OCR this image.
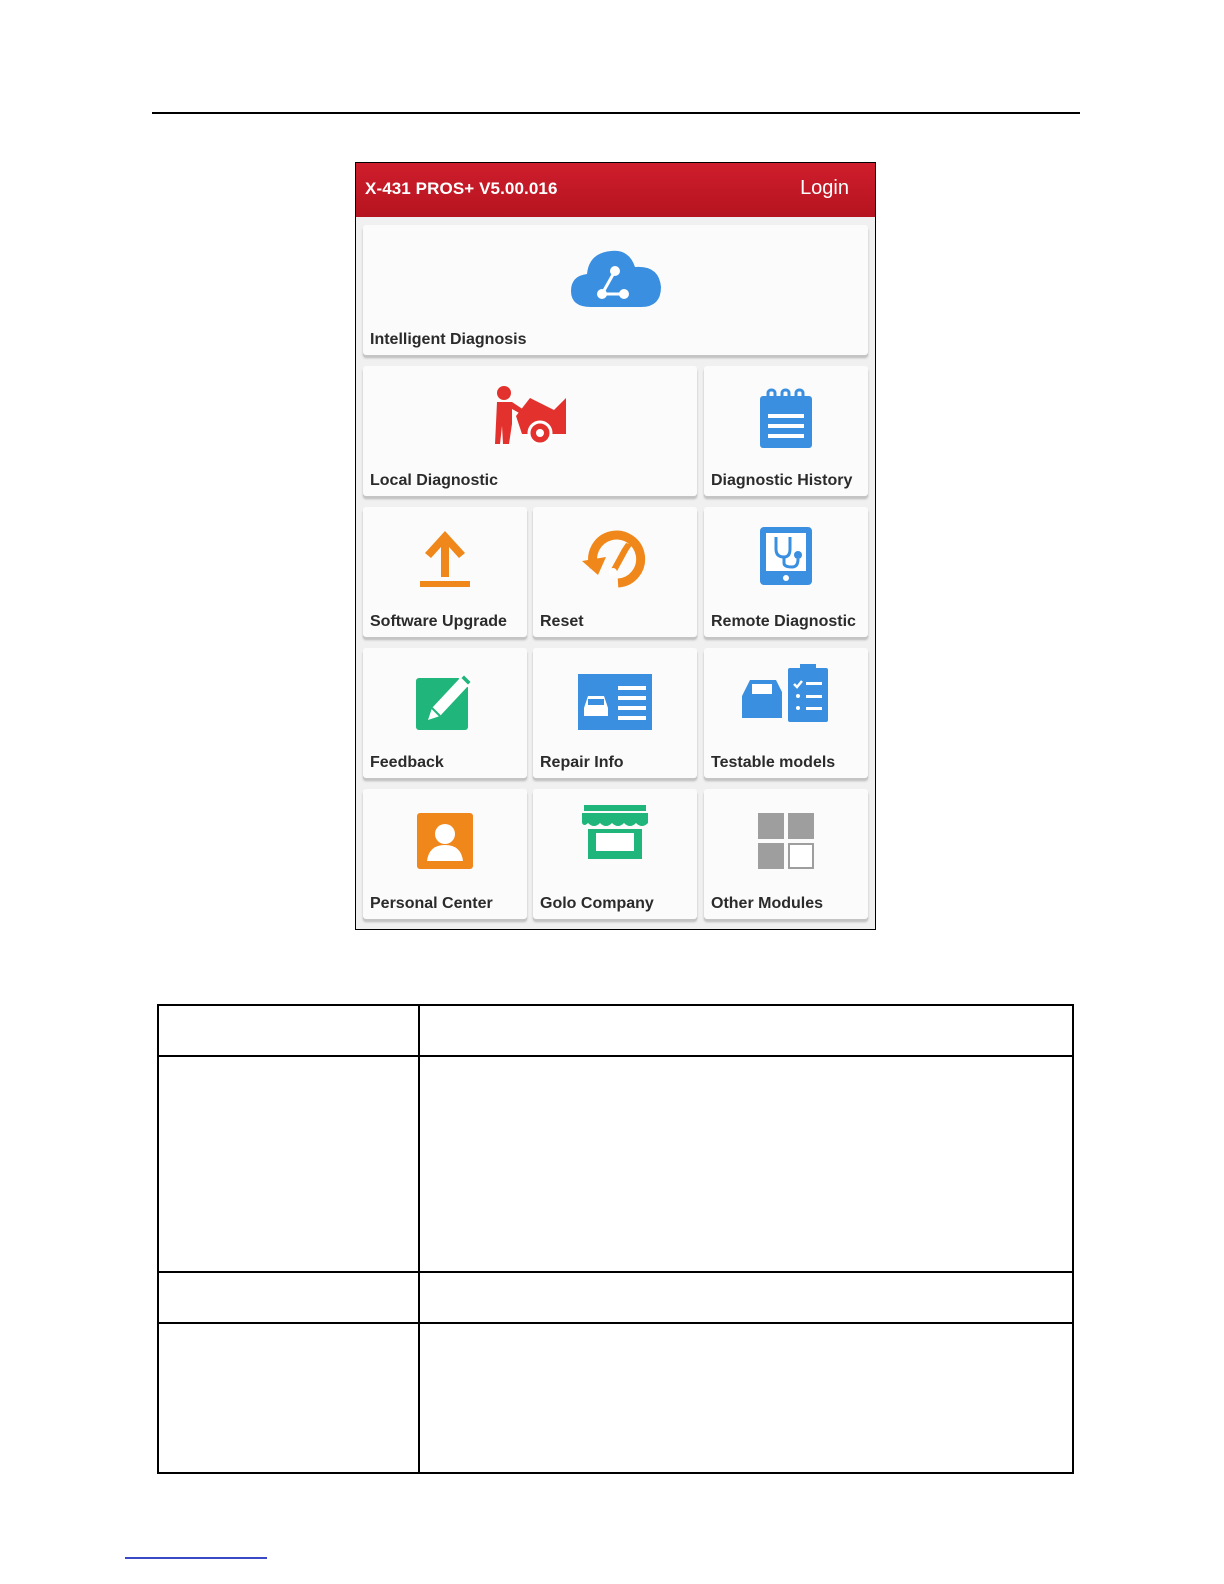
X-431 PROS+ V5.00.016	Login
Intelligent Diagnosis
Local Diagnostic	Diagnostic History
Software Upgrade Reset	Remote Diagnostic
Feedback	Repair Info	Testable models
Personal Center	Golo Company	Other Modules
